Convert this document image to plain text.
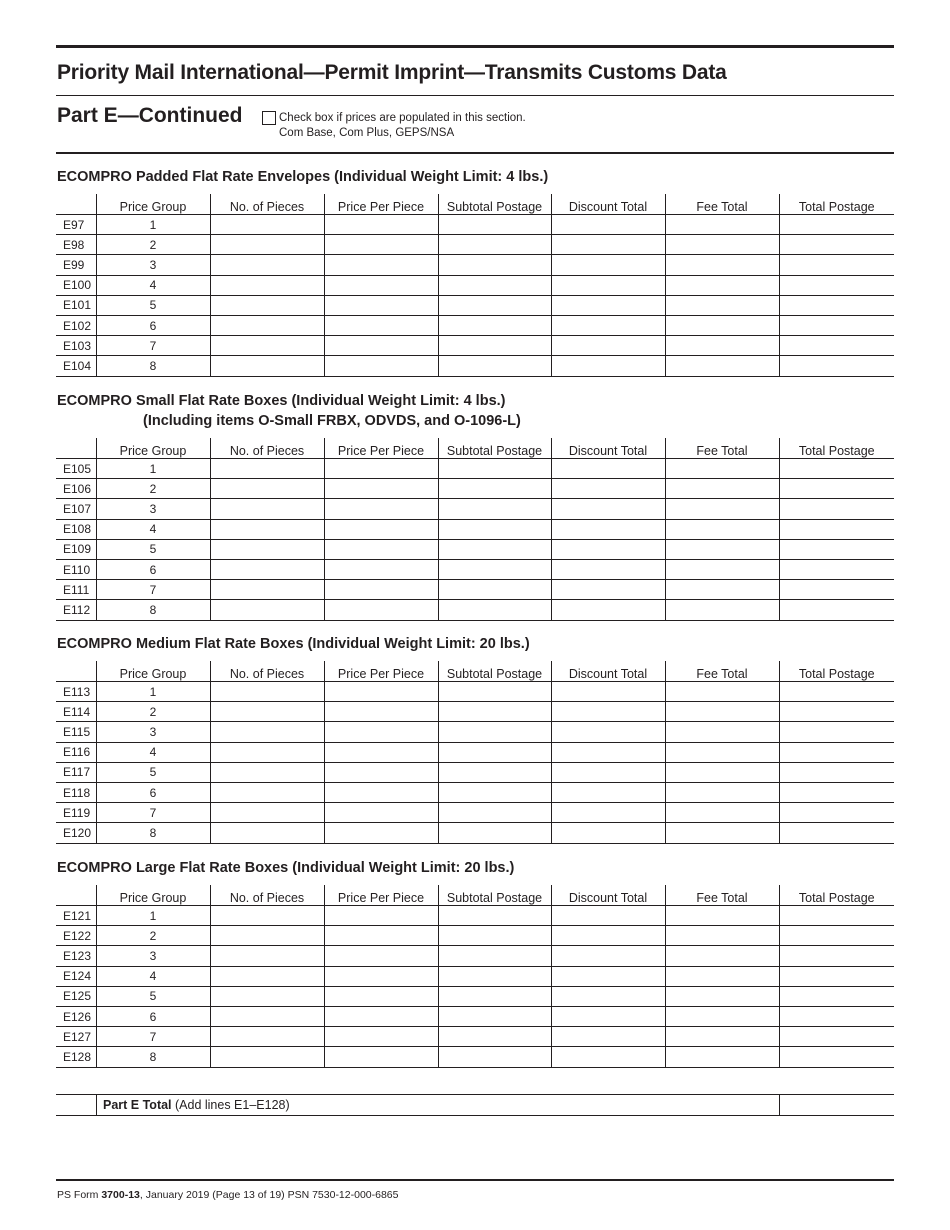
Priority Mail International—Permit Imprint—Transmits Customs Data
Part E—Continued	Check box if prices are populated in this section.
Com Base, Com Plus, GEPS/NSA
ECOMPRO Padded Flat Rate Envelopes (Individual Weight Limit: 4 lbs.)
	Price Group	No. of Pieces	Price Per Piece	Subtotal Postage	Discount Total	Fee Total	Total Postage
E97	1						
E98	2						
E99	3						
E100	4						
E101	5						
E102	6						
E103	7						
E104	8						
ECOMPRO Small Flat Rate Boxes (Individual Weight Limit: 4 lbs.)
(Including items O-Small FRBX, ODVDS, and O-1096-L)
	Price Group	No. of Pieces	Price Per Piece	Subtotal Postage	Discount Total	Fee Total	Total Postage
E105	1						
E106	2						
E107	3						
E108	4						
E109	5						
E110	6						
E111	7						
E112	8						
ECOMPRO Medium Flat Rate Boxes (Individual Weight Limit: 20 lbs.)
	Price Group	No. of Pieces	Price Per Piece	Subtotal Postage	Discount Total	Fee Total	Total Postage
E113	1						
E114	2						
E115	3						
E116	4						
E117	5						
E118	6						
E119	7						
E120	8						
ECOMPRO Large Flat Rate Boxes (Individual Weight Limit: 20 lbs.)
	Price Group	No. of Pieces	Price Per Piece	Subtotal Postage	Discount Total	Fee Total	Total Postage
E121	1						
E122	2						
E123	3						
E124	4						
E125	5						
E126	6						
E127	7						
E128	8						
Part E Total (Add lines E1–E128)
PS Form 3700-13, January 2019 (Page 13 of 19) PSN 7530-12-000-6865
